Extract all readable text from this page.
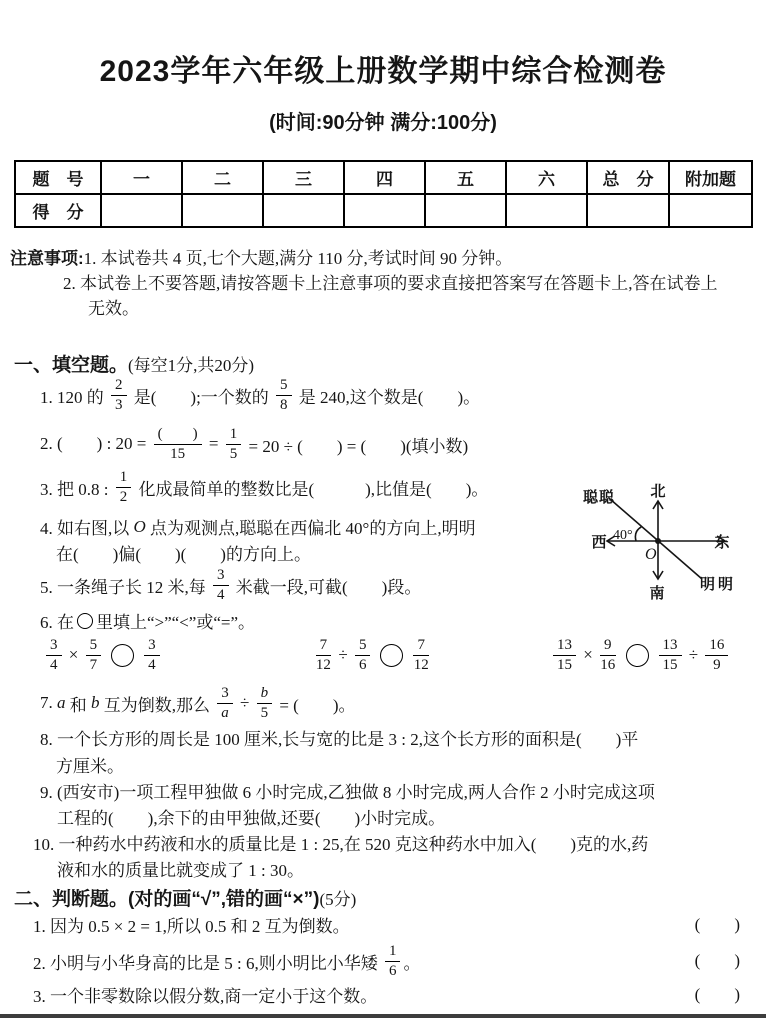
2023学年六年级上册数学期中综合检测卷
(时间:90分钟 满分:100分)
题　号	一	二	三	四	五	六	总　分	附加题
得　分								
注意事项:1. 本试卷共 4 页,七个大题,满分 110 分,考试时间 90 分钟。
2. 本试卷上不要答题,请按答题卡上注意事项的要求直接把答案写在答题卡上,答在试卷上
无效。
一、填空题。(每空1分,共20分)
1. 120 的 $\frac{2}{3}$ 是(  );一个数的 $\frac{5}{8}$ 是 240,这个数是(  )。
2. (  ) : $20 = \frac{( )}{15} = \frac{1}{5} = 20$ ÷ (  ) = (  )(填小数)
3. 把 0.8 : $\frac{1}{2}$ 化成最简单的整数比是(   ),比值是(  )。
4. 如右图,以 O 点为观测点,聪聪在西偏北 40°的方向上,明明
在(  )偏(  )(  )的方向上。
5. 一条绳子长 12 米,每 $\frac{3}{4}$ 米截一段,可截(  )段。
6. 在 里填上“>”“<”或“=”。
$\frac{3}{4} \times \frac{5}{7}$	$\frac{3}{4}$	$\frac{7}{12} \div \frac{5}{6}$	$\frac{7}{12}$	$\frac{13}{15} \times \frac{9}{16}$	$\frac{13}{15} \div \frac{16}{9}$
7. a 和 b 互为倒数,那么 $\frac{3}{a} \div \frac{b}{5}$ = (  )。
8. 一个长方形的周长是 100 厘米,长与宽的比是 3 : 2,这个长方形的面积是(  )平
方厘米。
9. (西安市)一项工程甲独做 6 小时完成,乙独做 8 小时完成,两人合作 2 小时完成这项
工程的(  ),余下的由甲独做,还要(  )小时完成。
10. 一种药水中药液和水的质量比是 1 : 25,在 520 克这种药水中加入(  )克的水,药
液和水的质量比就变成了 1 : 30。
北
南
西	东
聪聪
明明
O
40°
二、判断题。(对的画“√”,错的画“×”)(5分)
1. 因为 0.5 × 2 = 1,所以 0.5 和 2 互为倒数。	(  )
2. 小明与小华身高的比是 5 : 6,则小明比小华矮 $\frac{1}{6}$ 。	(  )
3. 一个非零数除以假分数,商一定小于这个数。	(  )
